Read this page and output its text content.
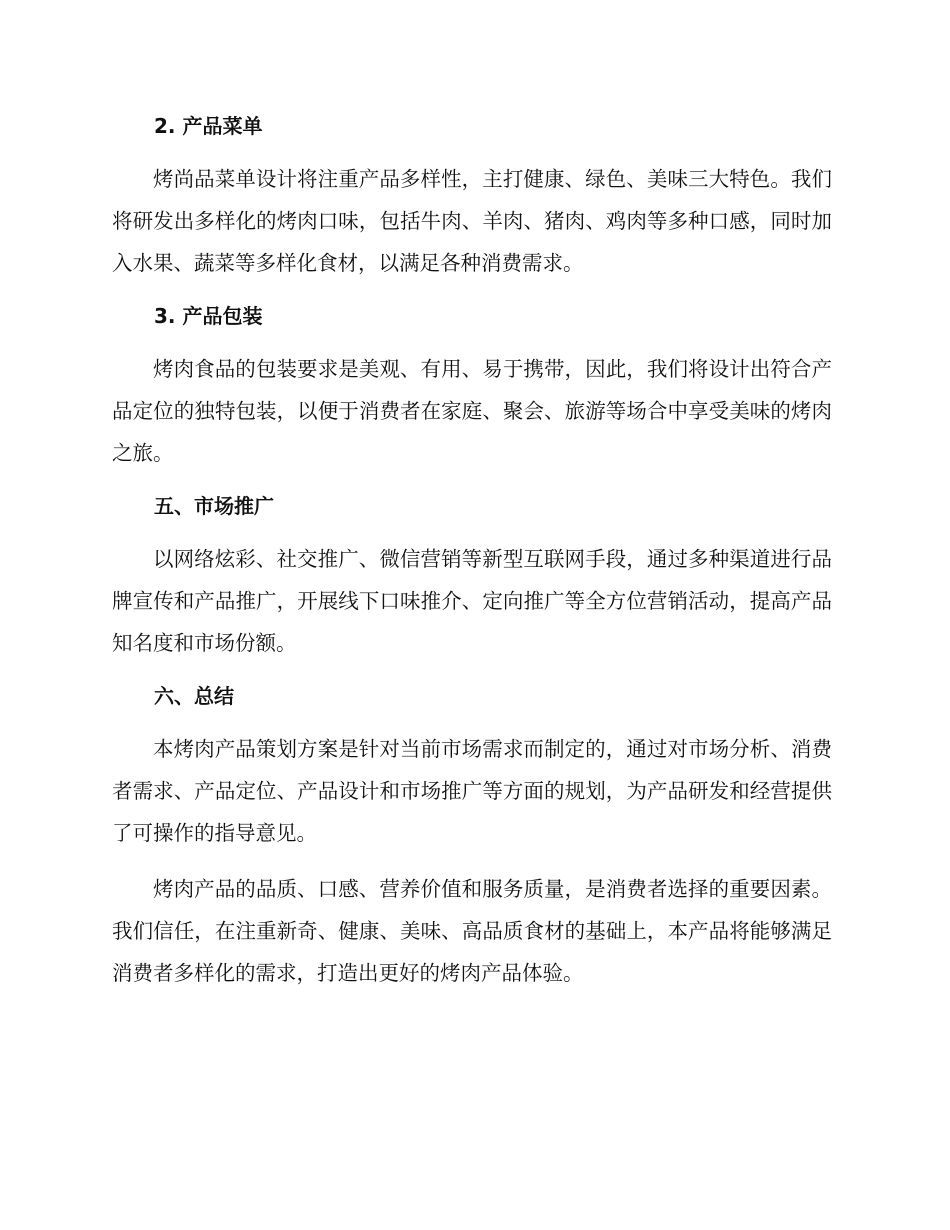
2. 产品菜单

烤尚品菜单设计将注重产品多样性，主打健康、绿色、美味三大特色。我们将研发出多样化的烤肉口味，包括牛肉、羊肉、猪肉、鸡肉等多种口感，同时加入水果、蔬菜等多样化食材，以满足各种消费需求。

3. 产品包装

烤肉食品的包装要求是美观、有用、易于携带，因此，我们将设计出符合产品定位的独特包装，以便于消费者在家庭、聚会、旅游等场合中享受美味的烤肉之旅。

五、市场推广

以网络炫彩、社交推广、微信营销等新型互联网手段，通过多种渠道进行品牌宣传和产品推广，开展线下口味推介、定向推广等全方位营销活动，提高产品知名度和市场份额。

六、总结

本烤肉产品策划方案是针对当前市场需求而制定的，通过对市场分析、消费者需求、产品定位、产品设计和市场推广等方面的规划，为产品研发和经营提供了可操作的指导意见。

烤肉产品的品质、口感、营养价值和服务质量，是消费者选择的重要因素。我们信任，在注重新奇、健康、美味、高品质食材的基础上，本产品将能够满足消费者多样化的需求，打造出更好的烤肉产品体验。
